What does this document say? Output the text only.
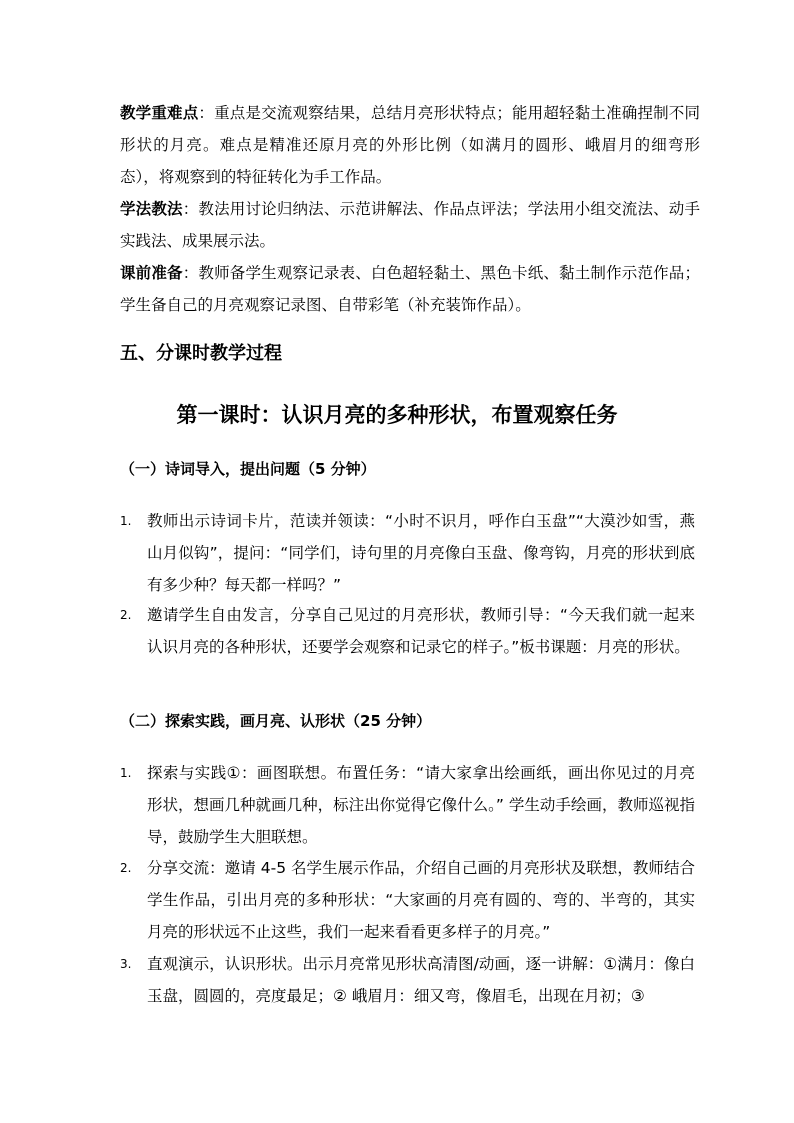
教学重难点：重点是交流观察结果，总结月亮形状特点；能用超轻黏土准确捏制不同形状的月亮。难点是精准还原月亮的外形比例（如满月的圆形、峨眉月的细弯形态），将观察到的特征转化为手工作品。
学法教法：教法用讨论归纳法、示范讲解法、作品点评法；学法用小组交流法、动手实践法、成果展示法。
课前准备：教师备学生观察记录表、白色超轻黏土、黑色卡纸、黏土制作示范作品；学生备自己的月亮观察记录图、自带彩笔（补充装饰作品）。
五、分课时教学过程
第一课时：认识月亮的多种形状，布置观察任务
（一）诗词导入，提出问题（5 分钟）
1.	教师出示诗词卡片，范读并领读：“小时不识月，呼作白玉盘”“大漠沙如雪，燕山月似钩”，提问：“同学们，诗句里的月亮像白玉盘、像弯钩，月亮的形状到底有多少种？每天都一样吗？”
2.	邀请学生自由发言，分享自己见过的月亮形状，教师引导：“今天我们就一起来认识月亮的各种形状，还要学会观察和记录它的样子。”板书课题：月亮的形状。
（二）探索实践，画月亮、认形状（25 分钟）
1.	探索与实践①：画图联想。布置任务：“请大家拿出绘画纸，画出你见过的月亮形状，想画几种就画几种，标注出你觉得它像什么。” 学生动手绘画，教师巡视指导，鼓励学生大胆联想。
2.	分享交流：邀请 4-5 名学生展示作品，介绍自己画的月亮形状及联想，教师结合学生作品，引出月亮的多种形状：“大家画的月亮有圆的、弯的、半弯的，其实月亮的形状远不止这些，我们一起来看看更多样子的月亮。”
3.	直观演示，认识形状。出示月亮常见形状高清图/动画，逐一讲解：①满月：像白玉盘，圆圆的，亮度最足；② 峨眉月：细又弯，像眉毛，出现在月初；③
